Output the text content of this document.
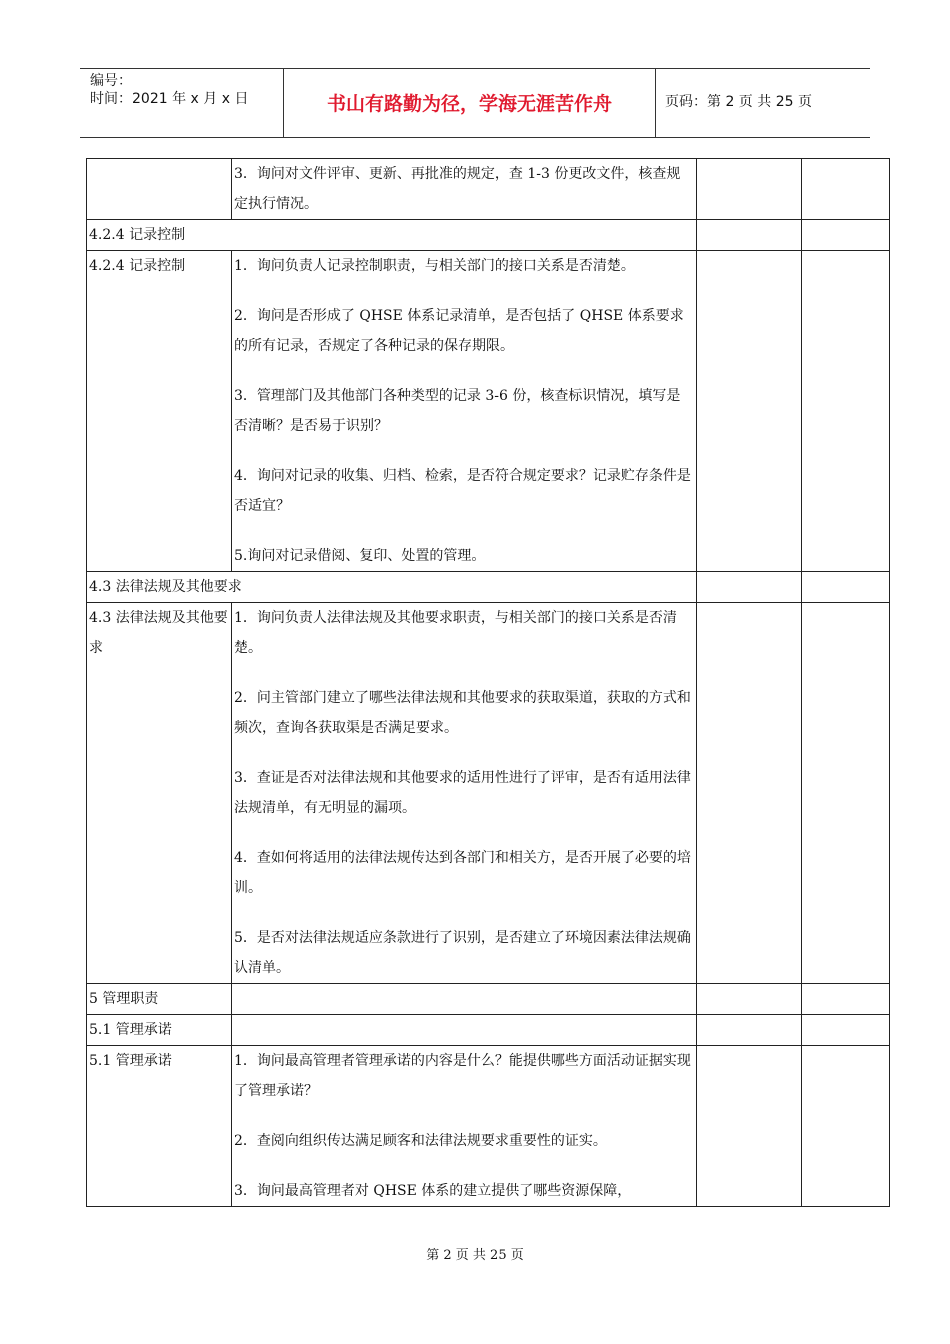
编号：
时间：2021 年 x 月 x 日	书山有路勤为径，学海无涯苦作舟	页码：第 2 页 共 25 页

	3．询问对文件评审、更新、再批准的规定，查 1-3 份更改文件，核查规定执行情况。		

4.2.4 记录控制			

4.2.4 记录控制	1．询问负责人记录控制职责，与相关部门的接口关系是否清楚。

2．询问是否形成了 QHSE 体系记录清单，是否包括了 QHSE 体系要求的所有记录，否规定了各种记录的保存期限。

3．管理部门及其他部门各种类型的记录 3-6 份，核查标识情况，填写是否清晰？是否易于识别？

4．询问对记录的收集、归档、检索，是否符合规定要求？记录贮存条件是否适宜？

5.询问对记录借阅、复印、处置的管理。		

4.3 法律法规及其他要求			

4.3 法律法规及其他要求	1．询问负责人法律法规及其他要求职责，与相关部门的接口关系是否清楚。

2．问主管部门建立了哪些法律法规和其他要求的获取渠道，获取的方式和频次，查询各获取渠是否满足要求。

3．查证是否对法律法规和其他要求的适用性进行了评审，是否有适用法律法规清单，有无明显的漏项。

4．查如何将适用的法律法规传达到各部门和相关方，是否开展了必要的培训。

5．是否对法律法规适应条款进行了识别，是否建立了环境因素法律法规确认清单。		

5 管理职责			

5.1 管理承诺			

5.1 管理承诺	1．询问最高管理者管理承诺的内容是什么？能提供哪些方面活动证据实现了管理承诺？

2．查阅向组织传达满足顾客和法律法规要求重要性的证实。

3．询问最高管理者对 QHSE 体系的建立提供了哪些资源保障，		

第 2 页 共 25 页
